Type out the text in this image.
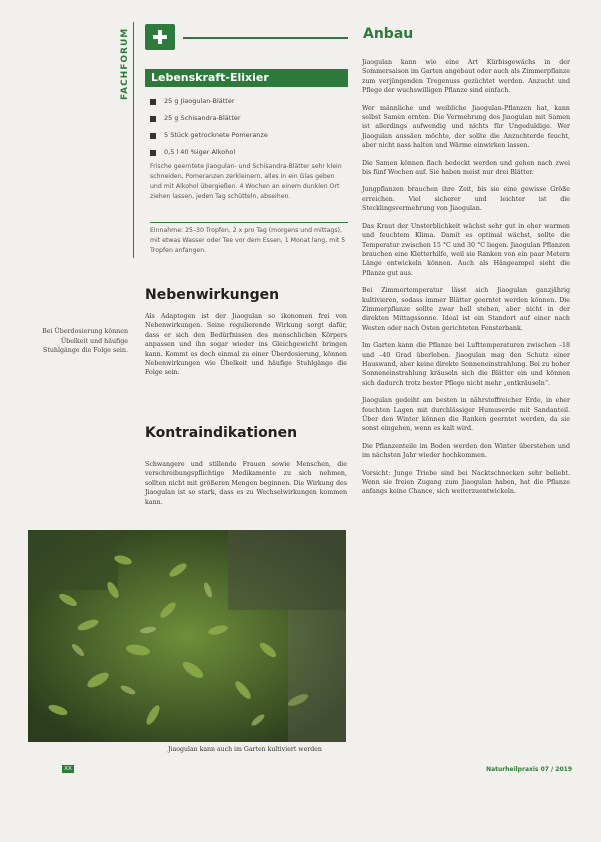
FACHFORUM	Lebenskraft-Elixier
25 g Jiaogulan-Blätter
25 g Schisandra-Blätter
5 Stück getrocknete Pomeranze
0,5 l 40 %iger Alkohol
Frische geerntete Jiaogulan- und Schisandra-Blätter sehr klein schneiden, Pomeranzen zerkleinern, alles in ein Glas geben und mit Alkohol übergießen. 4 Wochen an einem dunklen Ort ziehen lassen, jeden Tag schütteln, abseihen.
Einnahme: 25–30 Tropfen, 2 x pro Tag (morgens und mittags), mit etwas Wasser oder Tee vor dem Essen, 1 Monat lang, mit 5 Tropfen anfangen.
Bei Überdosierung können Übelkeit und häufige Stuhlgänge die Folge sein.
Nebenwirkungen
Als Adaptogen ist der Jiaogulan so ikonomen frei von Nebenwirkungen. Seine regulierende Wirkung sorgt dafür, dass er sich den Bedürfnissen des menschlichen Körpers anpassen und ihn sogar wieder ins Gleichgewicht bringen kann. Kommt es doch einmal zu einer Überdosierung, können Nebenwirkungen wie Übelkeit und häufige Stuhlgänge die Folge sein.
Kontraindikationen
Schwangere und stillende Frauen sowie Menschen, die verschreibungspflichtige Medikamente zu sich nehmen, sollten nicht mit größeren Mengen beginnen. Die Wirkung des Jiaogulan ist so stark, dass es zu Wechselwirkungen kommen kann.
Jiaogulan kann auch im Garten kultiviert werden
Anbau

Jiaogulan kann wie eine Art Kürbisgewächs in der Sommersaison im Garten angebaut oder auch als Zimmerpflanze zum verjüngenden Tregenuss gezüchtet werden. Anzucht und Pflege der wuchswilligen Pflanze sind einfach.

Wer männliche und weibliche Jiaogulan-Pflanzen hat, kann selbst Samen ernten. Die Vermehrung des Jiaogulan mit Samen ist allerdings aufwendig und nichts für Ungeduldige. Wer Jiaogulan aussäen möchte, der sollte die Anzuchterde feucht, aber nicht nass halten und Wärme einwirken lassen.

Die Samen können flach bedeckt werden und gehen nach zwei bis fünf Wochen auf. Sie haben meist nur drei Blätter.

Jungpflanzen brauchen ihre Zeit, bis sie eine gewisse Größe erreichen. Viel sicherer und leichter ist die Stecklingsvermehrung von Jiaogulan.

Das Kraut der Unsterblichkeit wächst sehr gut in eher warmen und feuchtem Klima. Damit es optimal wächst, sollte die Temperatur zwischen 15 °C und 30 °C liegen. Jiaogulan Pflanzen brauchen eine Kletterhilfe, weil sie Ranken von ein paar Metern Länge entwickeln können. Auch als Hängeampel sieht die Pflanze gut aus.

Bei Zimmertemperatur lässt sich Jiaogulan ganzjährig kultivieren, sodass immer Blätter geerntet werden können. Die Zimmerpflanze sollte zwar hell stehen, aber nicht in der direkten Mittagssonne. Ideal ist ein Standort auf einer nach Westen oder nach Osten gerichteten Fensterbank.

Im Garten kann die Pflanze bei Lufttemperaturen zwischen –18 und –40 Grad überleben. Jiaogulan mag den Schutz einer Hauswand, aber keine direkte Sonneneinstrahlung. Bei zu hoher Sonneneinstrahlung kräuseln sich die Blätter ein und können sich dadurch trotz bester Pflege nicht mehr „entkräuseln“.

Jiaogulan gedeiht am besten in nährstoffreicher Erde, in eher feuchten Lagen mit durchlässiger Humuserde mit Sandanteil. Über den Winter können die Ranken geerntet werden, da sie sonst eingehen, wenn es kalt wird.

Die Pflanzenteile im Boden werden den Winter überstehen und im nächsten Jahr wieder hochkommen.

Vorsicht: Junge Triebe sind bei Nacktschnecken sehr beliebt. Wenn sie freien Zugang zum Jiaogulan haben, hat die Pflanze anfangs keine Chance, sich weiterzuentwickeln.

XX	Naturheilpraxis 07 / 2019
